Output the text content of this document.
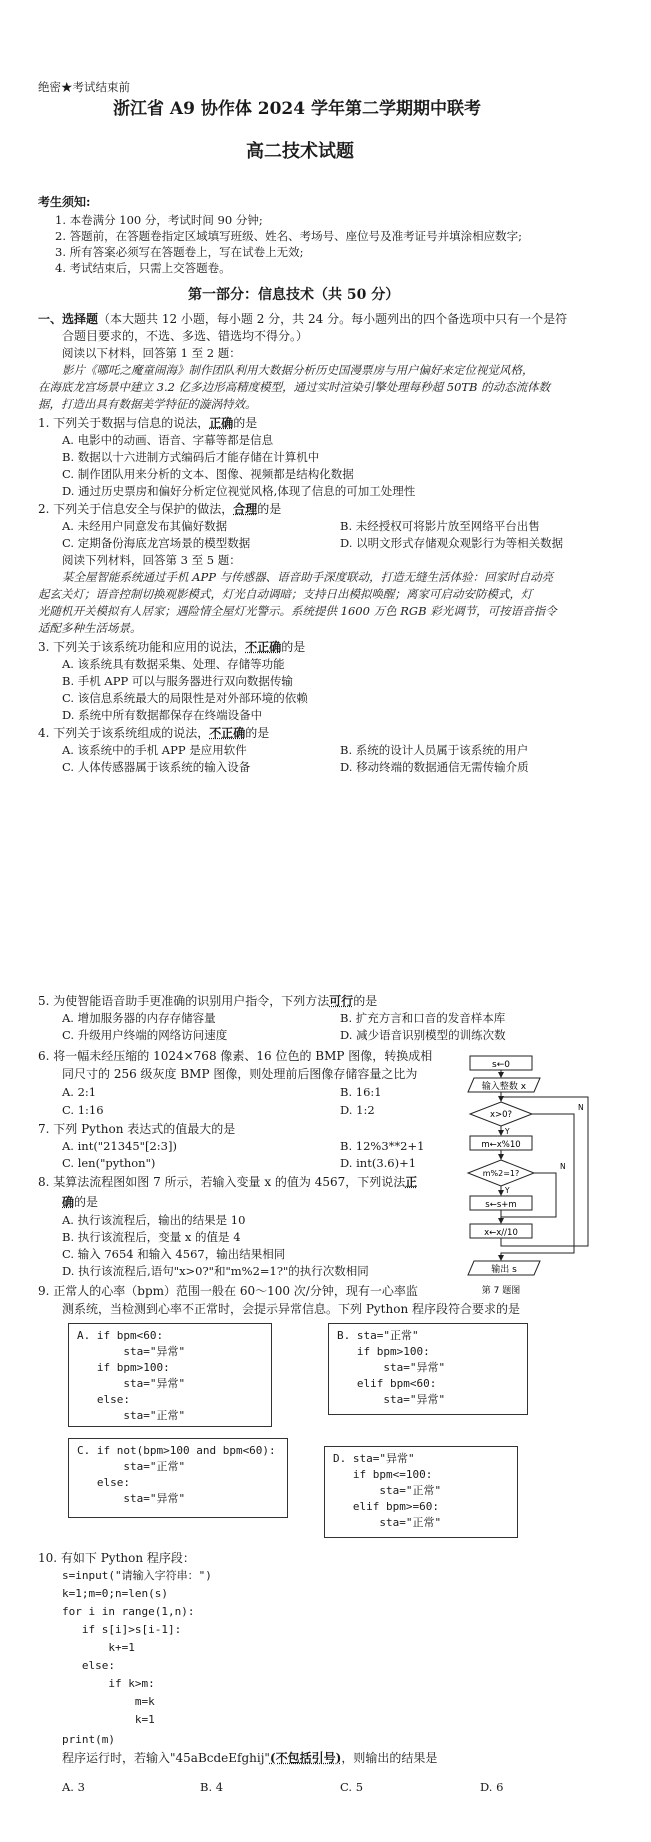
绝密★考试结束前
浙江省 A9 协作体 2024 学年第二学期期中联考
高二技术试题
考生须知:
1. 本卷满分 100 分，考试时间 90 分钟;
2. 答题前，在答题卷指定区域填写班级、姓名、考场号、座位号及准考证号并填涂相应数字;
3. 所有答案必须写在答题卷上，写在试卷上无效;
4. 考试结束后，只需上交答题卷。
第一部分：信息技术（共 50 分）
一、选择题（本大题共 12 小题，每小题 2 分，共 24 分。每小题列出的四个备选项中只有一个是符
合题目要求的，不选、多选、错选均不得分。）
阅读以下材料，回答第 1 至 2 题：
影片《哪吒之魔童闹海》制作团队利用大数据分析历史国漫票房与用户偏好来定位视觉风格，
在海底龙宫场景中建立 3.2 亿多边形高精度模型，通过实时渲染引擎处理每秒超 50TB 的动态流体数
据，打造出具有数据美学特征的漩涡特效。
1. 下列关于数据与信息的说法，正确的是
A. 电影中的动画、语音、字幕等都是信息
B. 数据以十六进制方式编码后才能存储在计算机中
C. 制作团队用来分析的文本、图像、视频都是结构化数据
D. 通过历史票房和偏好分析定位视觉风格,体现了信息的可加工处理性
2. 下列关于信息安全与保护的做法，合理的是
A. 未经用户同意发布其偏好数据	B. 未经授权可将影片放至网络平台出售
C. 定期备份海底龙宫场景的模型数据	D. 以明文形式存储观众观影行为等相关数据
阅读下列材料，回答第 3 至 5 题：
某全屋智能系统通过手机 APP 与传感器、语音助手深度联动，打造无缝生活体验：回家时自动亮
起玄关灯；语音控制切换观影模式，灯光自动调暗；支持日出模拟唤醒；离家可启动安防模式，灯
光随机开关模拟有人居家；遇险情全屋灯光警示。系统提供 1600 万色 RGB 彩光调节，可按语音指令
适配多种生活场景。
3. 下列关于该系统功能和应用的说法，不正确的是
A. 该系统具有数据采集、处理、存储等功能
B. 手机 APP 可以与服务器进行双向数据传输
C. 该信息系统最大的局限性是对外部环境的依赖
D. 系统中所有数据都保存在终端设备中
4. 下列关于该系统组成的说法，不正确的是
A. 该系统中的手机 APP 是应用软件	B. 系统的设计人员属于该系统的用户
C. 人体传感器属于该系统的输入设备	D. 移动终端的数据通信无需传输介质
5. 为使智能语音助手更准确的识别用户指令，下列方法可行的是
A. 增加服务器的内存存储容量	B. 扩充方言和口音的发音样本库
C. 升级用户终端的网络访问速度	D. 减少语音识别模型的训练次数
6. 将一幅未经压缩的 1024×768 像素、16 位色的 BMP 图像，转换成相
同尺寸的 256 级灰度 BMP 图像，则处理前后图像存储容量之比为
A. 2:1	B. 16:1
C. 1:16	D. 1:2
7. 下列 Python 表达式的值最大的是
A. int("21345"[2:3])	B. 12%3**2+1
C. len("python")	D. int(3.6)+1
8. 某算法流程图如图 7 所示，若输入变量 x 的值为 4567，下列说法正
确的是
A. 执行该流程后，输出的结果是 10
B. 执行该流程后，变量 x 的值是 4
C. 输入 7654 和输入 4567，输出结果相同
D. 执行该流程后,语句"x>0?"和"m%2=1?"的执行次数相同
s←0
输入整数 x
x>0?
m←x%10
m%2=1?
s←s+m
x←x//10
输出 s
Y
Y
N
N
第 7 题图
9. 正常人的心率（bpm）范围一般在 60～100 次/分钟，现有一心率监
测系统，当检测到心率不正常时，会提示异常信息。下列 Python 程序段符合要求的是
A. if bpm<60:
sta="异常"
if bpm>100:
sta="异常"
else:
sta="正常"
B. sta="正常"
if bpm>100:
sta="异常"
elif bpm<60:
sta="异常"
C. if not(bpm>100 and bpm<60):
sta="正常"
else:
sta="异常"
D. sta="异常"
if bpm<=100:
sta="正常"
elif bpm>=60:
sta="正常"
10. 有如下 Python 程序段：
s=input("请输入字符串：")
k=1;m=0;n=len(s)
for i in range(1,n):
if s[i]>s[i-1]:
k+=1
else:
if k>m:
m=k
k=1
print(m)
程序运行时，若输入"45aBcdeEfghij"(不包括引号)，则输出的结果是
A. 3	B. 4	C. 5	D. 6
